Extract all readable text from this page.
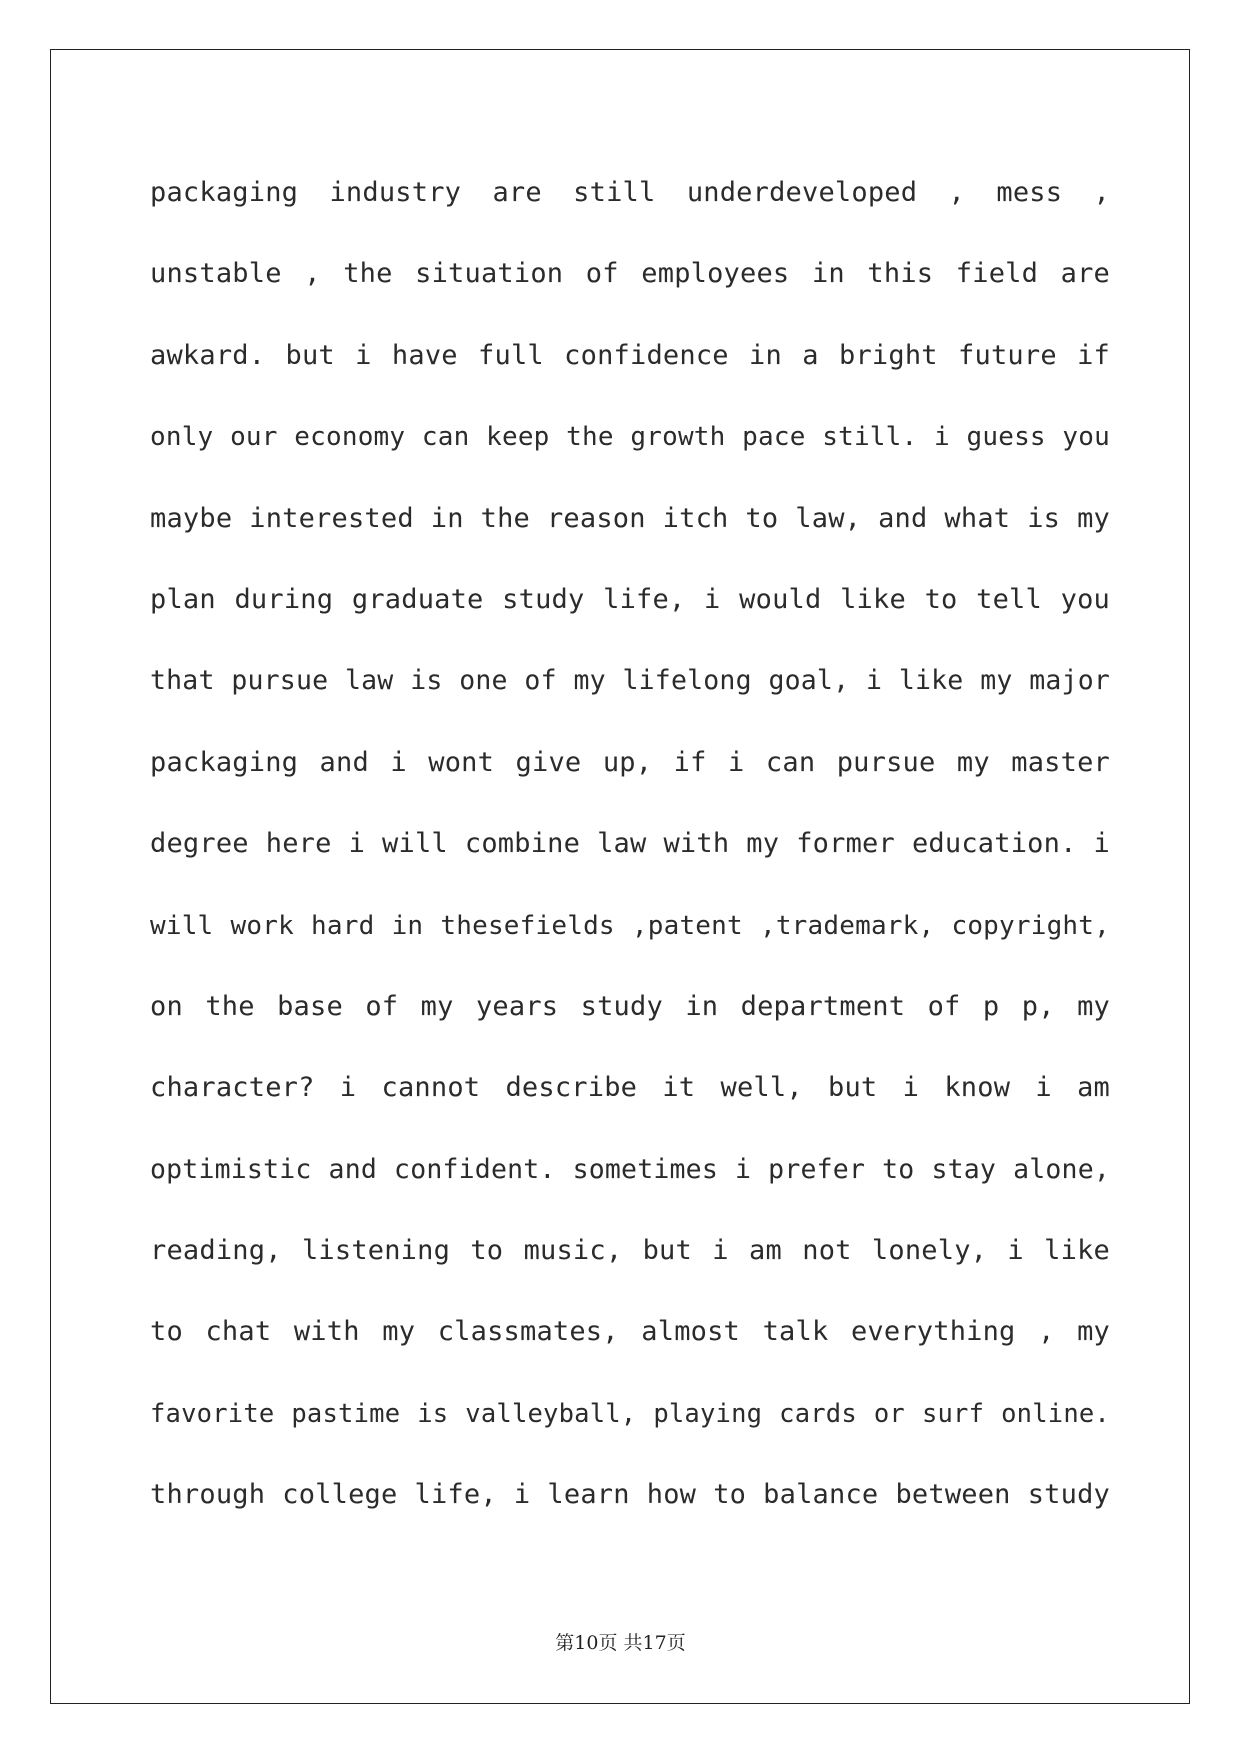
packaging industry are still underdeveloped , mess ,
unstable , the situation of employees in this field are
awkard. but i have full confidence in a bright future if
only our economy can keep the growth pace still. i guess you
maybe interested in the reason itch to law, and what is my
plan during graduate study life, i would like to tell you
that pursue law is one of my lifelong goal, i like my major
packaging and i wont give up, if i can pursue my master
degree here i will combine law with my former education. i
will work hard in thesefields ,patent ,trademark, copyright,
on the base of my years study in department of p p, my
character? i cannot describe it well, but i know i am
optimistic and confident. sometimes i prefer to stay alone,
reading, listening to music, but i am not lonely, i like
to chat with my classmates, almost talk everything , my
favorite pastime is valleyball, playing cards or surf online.
through college life, i learn how to balance between study
第10页 共17页
